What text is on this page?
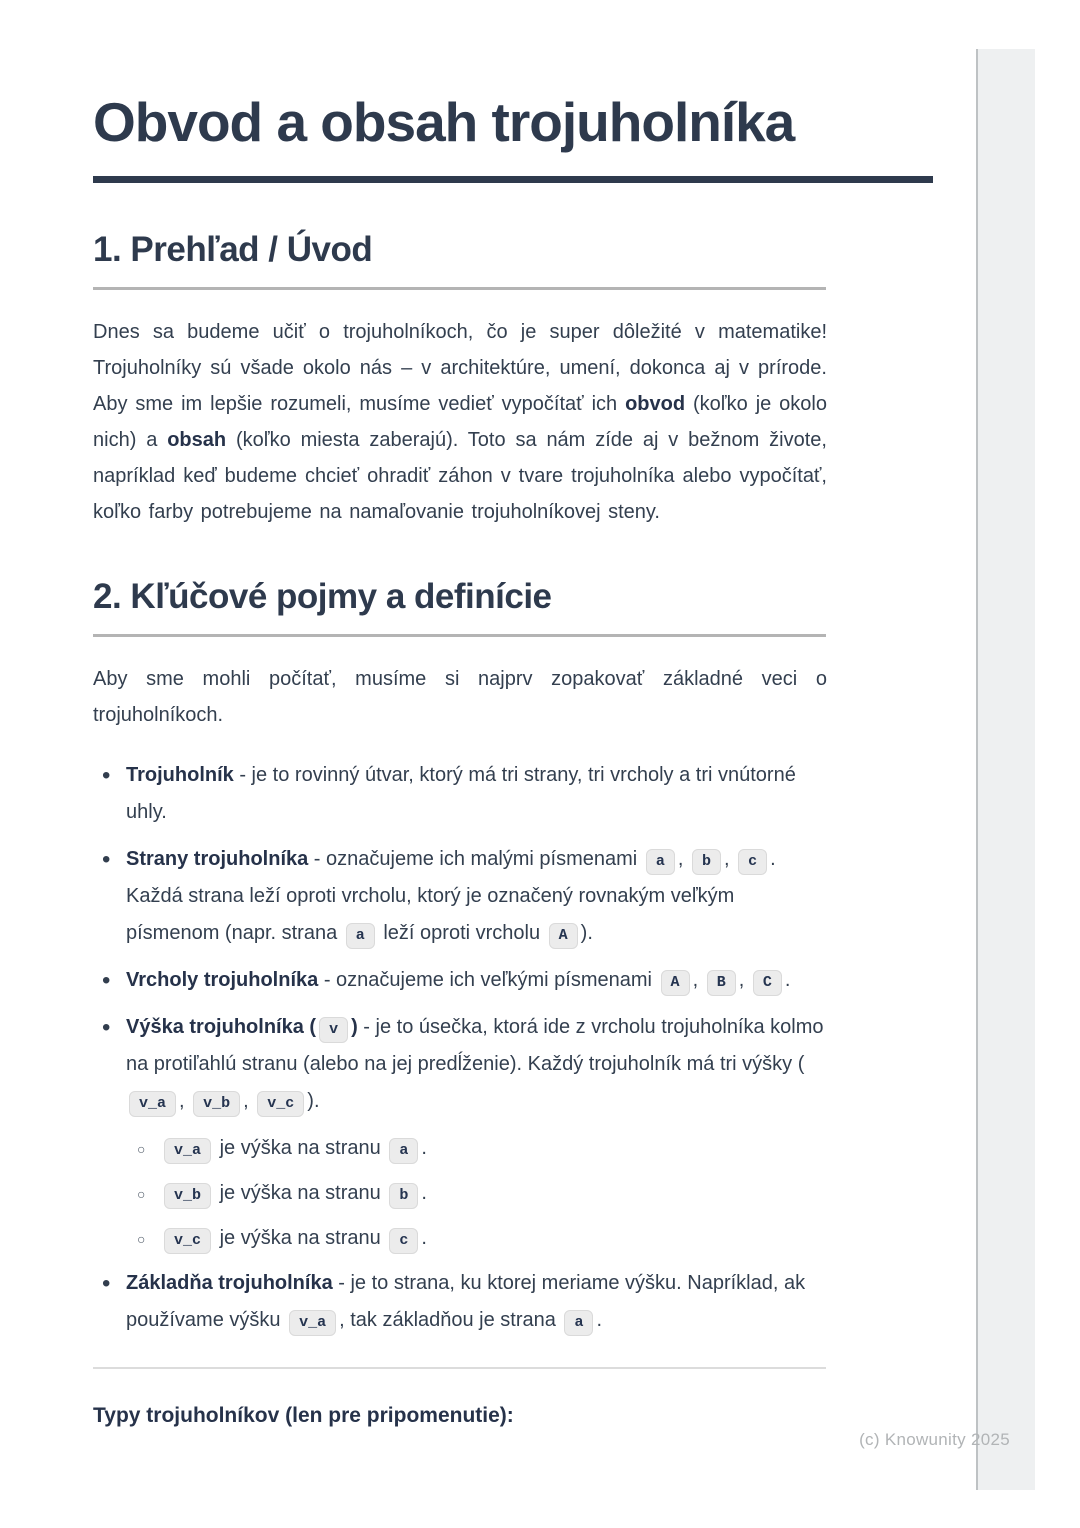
Obvod a obsah trojuholníka
1. Prehľad / Úvod

Dnes sa budeme učiť o trojuholníkoch, čo je super dôležité v matematike! Trojuholníky sú všade okolo nás – v architektúre, umení, dokonca aj v prírode. Aby sme im lepšie rozumeli, musíme vedieť vypočítať ich obvod (koľko je okolo nich) a obsah (koľko miesta zaberajú). Toto sa nám zíde aj v bežnom živote, napríklad keď budeme chcieť ohradiť záhon v tvare trojuholníka alebo vypočítať, koľko farby potrebujeme na namaľovanie trojuholníkovej steny.

2. Kľúčové pojmy a definície

Aby sme mohli počítať, musíme si najprv zopakovať základné veci o trojuholníkoch.

• Trojuholník - je to rovinný útvar, ktorý má tri strany, tri vrcholy a tri vnútorné uhly.
• Strany trojuholníka - označujeme ich malými písmenami a , b , c . Každá strana leží oproti vrcholu, ktorý je označený rovnakým veľkým písmenom (napr. strana a leží oproti vrcholu A ).
• Vrcholy trojuholníka - označujeme ich veľkými písmenami A , B , C .
• Výška trojuholníka ( v ) - je to úsečka, ktorá ide z vrcholu trojuholníka kolmo na protiľahlú stranu (alebo na jej predĺženie). Každý trojuholník má tri výšky (v_a , v_b , v_c ).
○ v_a je výška na stranu a .
○ v_b je výška na stranu b .
○ v_c je výška na stranu c .
• Základňa trojuholníka - je to strana, ku ktorej meriame výšku. Napríklad, ak používame výšku v_a , tak základňou je strana a .

Typy trojuholníkov (len pre pripomenutie):

(c) Knowunity 2025
